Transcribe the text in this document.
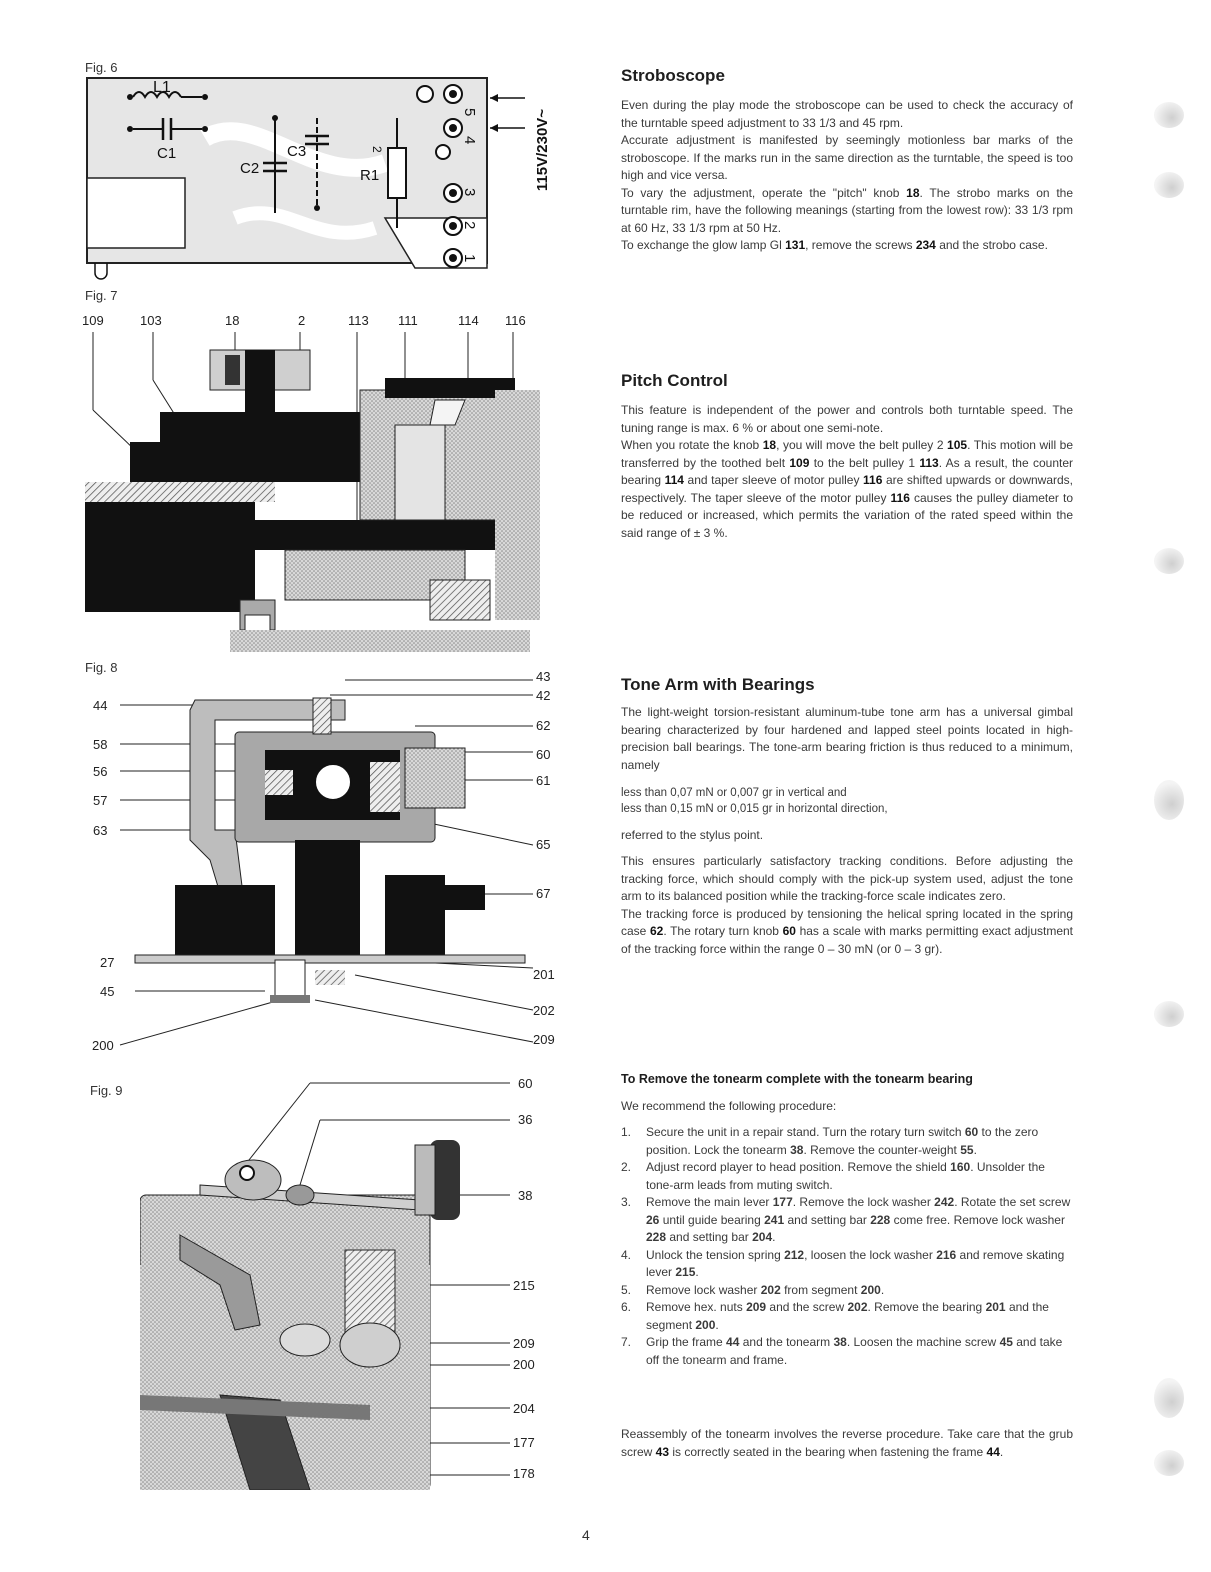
Fig. 6
L1
C1
C2
C3
R1
2
5
4
3
2
1
115V/230V~
Fig. 7
109	103	18	2	113 111	114 116
Fig. 8
44
58
56
57
63
27
45
200
43
42
62
60
61
65
67
201
202
209
Fig. 9	60
36
38
215
209
200
204
177
178
Stroboscope
Even during the play mode the stroboscope can be used to check the accuracy of the turntable speed adjustment to 33 1/3 and 45 rpm.
Accurate adjustment is manifested by seemingly motionless bar marks of the stroboscope. If the marks run in the same direction as the turntable, the speed is too high and vice versa.
To vary the adjustment, operate the "pitch" knob 18. The strobo marks on the turntable rim, have the following meanings (starting from the lowest row): 33 1/3 rpm at 60 Hz, 33 1/3 rpm at 50 Hz.
To exchange the glow lamp Gl 131, remove the screws 234 and the strobo case.
Pitch Control
This feature is independent of the power and controls both turntable speed. The tuning range is max. 6 % or about one semi-note.
When you rotate the knob 18, you will move the belt pulley 2 105. This motion will be transferred by the toothed belt 109 to the belt pulley 1 113. As a result, the counter bearing 114 and taper sleeve of motor pulley 116 are shifted upwards or downwards, respectively. The taper sleeve of the motor pulley 116 causes the pulley diameter to be reduced or increased, which permits the variation of the rated speed within the said range of ± 3 %.
Tone Arm with Bearings
The light-weight torsion-resistant aluminum-tube tone arm has a universal gimbal bearing characterized by four hardened and lapped steel points located in high-precision ball bearings. The tone-arm bearing friction is thus reduced to a minimum, namely
less than 0,07 mN or 0,007 gr in vertical and
less than 0,15 mN or 0,015 gr in horizontal direction,
referred to the stylus point.
This ensures particularly satisfactory tracking conditions. Before adjusting the tracking force, which should comply with the pick-up system used, adjust the tone arm to its balanced position while the tracking-force scale indicates zero.
The tracking force is produced by tensioning the helical spring located in the spring case 62. The rotary turn knob 60 has a scale with marks permitting exact adjustment of the tracking force within the range 0 – 30 mN (or 0 – 3 gr).
To Remove the tonearm complete with the tonearm bearing
We recommend the following procedure:
1. Secure the unit in a repair stand. Turn the rotary turn switch 60 to the zero position. Lock the tonearm 38. Remove the counter-weight 55.
2. Adjust record player to head position. Remove the shield 160. Unsolder the tone-arm leads from muting switch.
3. Remove the main lever 177. Remove the lock washer 242. Rotate the set screw 26 until guide bearing 241 and setting bar 228 come free. Remove lock washer 228 and setting bar 204.
4. Unlock the tension spring 212, loosen the lock washer 216 and remove skating lever 215.
5. Remove lock washer 202 from segment 200.
6. Remove hex. nuts 209 and the screw 202. Remove the bearing 201 and the segment 200.
7. Grip the frame 44 and the tonearm 38. Loosen the machine screw 45 and take off the tonearm and frame.
Reassembly of the tonearm involves the reverse procedure. Take care that the grub screw 43 is correctly seated in the bearing when fastening the frame 44.
4
